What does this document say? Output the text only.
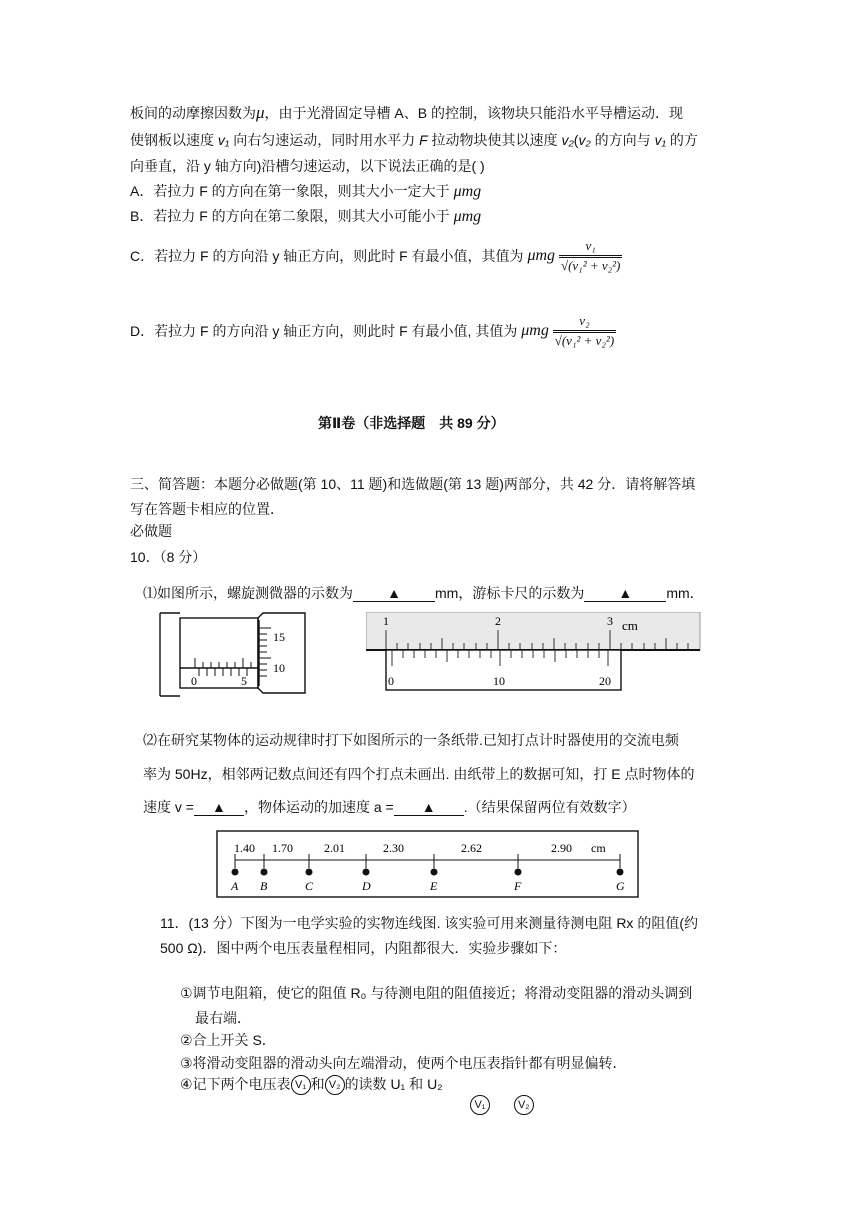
板间的动摩擦因数为μ，由于光滑固定导槽 A、B 的控制，该物块只能沿水平导槽运动．现
使钢板以速度 v₁ 向右匀速运动，同时用水平力 F 拉动物块使其以速度 v₂(v₂ 的方向与 v₁ 的方
向垂直，沿 y 轴方向)沿槽匀速运动，以下说法正确的是( )
A．若拉力 F 的方向在第一象限，则其大小一定大于 μmg
B．若拉力 F 的方向在第二象限，则其大小可能小于 μmg
C．若拉力 F 的方向沿 y 轴正方向，则此时 F 有最小值，其值为 μmg $\frac{\text{v₁}}{\text{√(v₁² + v₂²)}}$
D．若拉力 F 的方向沿 y 轴正方向，则此时 F 有最小值, 其值为 μmg $\frac{\text{v₂}}{\text{√(v₁² + v₂²)}}$
第Ⅱ卷（非选择题　共 89 分）
三、简答题：本题分必做题(第 10、11 题)和选做题(第 13 题)两部分，共 42 分．请将解答填
写在答题卡相应的位置．
必做题
10．（8 分）
⑴如图所示，螺旋测微器的示数为 ▲ mm，游标卡尺的示数为 ▲ mm．
15
10
0	5
1	2	3 cm
0	10	20
⑵在研究某物体的运动规律时打下如图所示的一条纸带.已知打点计时器使用的交流电频
率为 50Hz，相邻两记数点间还有四个打点未画出. 由纸带上的数据可知，打 E 点时物体的
速度 v = ▲ ，物体运动的加速度 a = ▲ .（结果保留两位有效数字）
1.40 1.70	2.01	2.30	2.62	2.90 cm
A B	C	D	E	F	G
11．(13 分）下图为一电学实验的实物连线图. 该实验可用来测量待测电阻 Rx 的阻值(约
500 Ω)．图中两个电压表量程相同，内阻都很大．实验步骤如下：
①调节电阻箱，使它的阻值 R₀ 与待测电阻的阻值接近；将滑动变阻器的滑动头调到
最右端．
②合上开关 S．
③将滑动变阻器的滑动头向左端滑动，使两个电压表指针都有明显偏转．
④记下两个电压表 V₁ 和 V₂ 的读数 U₁ 和 U₂
V₁	V₂
